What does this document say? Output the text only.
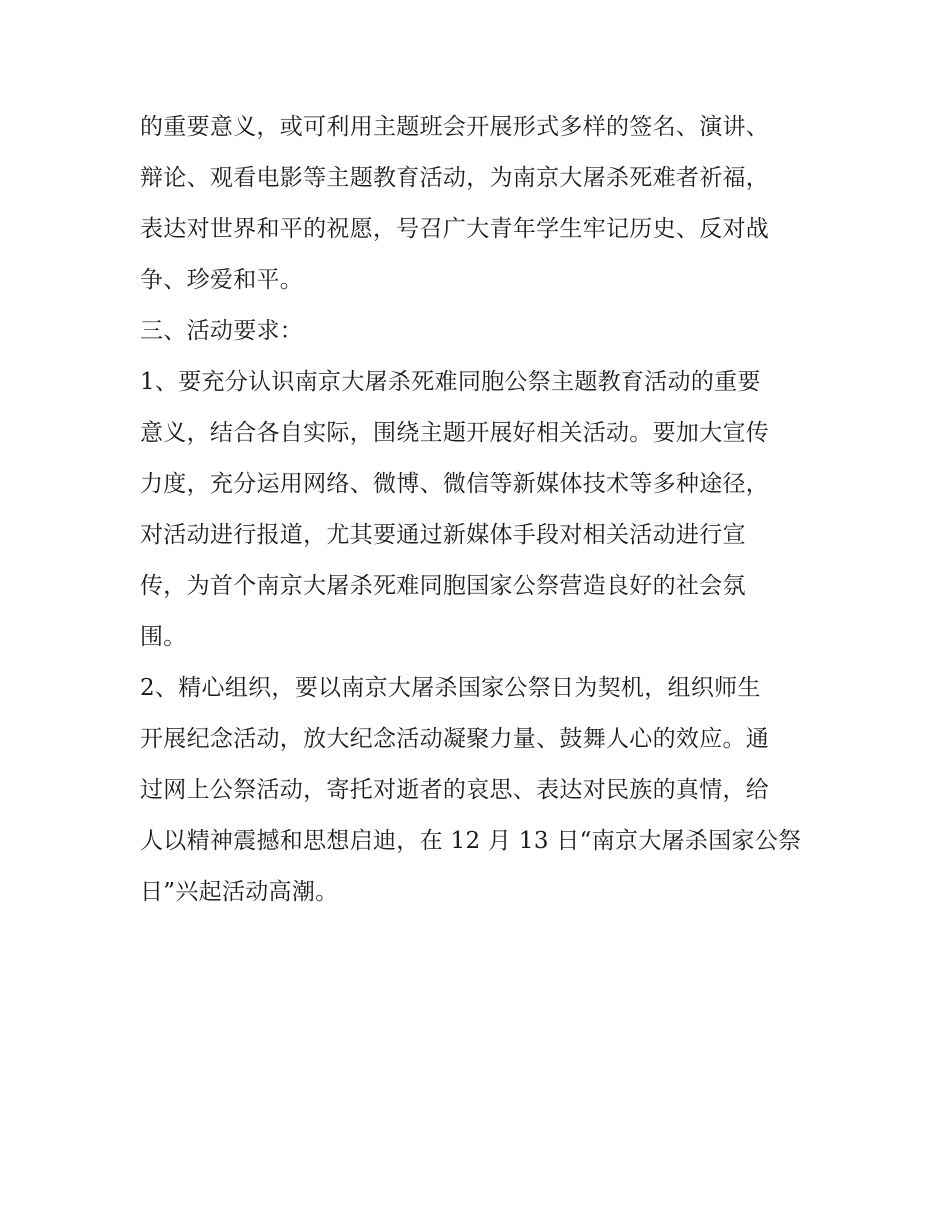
的重要意义，或可利用主题班会开展形式多样的签名、演讲、
辩论、观看电影等主题教育活动，为南京大屠杀死难者祈福，
表达对世界和平的祝愿，号召广大青年学生牢记历史、反对战
争、珍爱和平。
三、活动要求：
1、要充分认识南京大屠杀死难同胞公祭主题教育活动的重要
意义，结合各自实际，围绕主题开展好相关活动。要加大宣传
力度，充分运用网络、微博、微信等新媒体技术等多种途径，
对活动进行报道，尤其要通过新媒体手段对相关活动进行宣
传，为首个南京大屠杀死难同胞国家公祭营造良好的社会氛
围。
2、精心组织，要以南京大屠杀国家公祭日为契机，组织师生
开展纪念活动，放大纪念活动凝聚力量、鼓舞人心的效应。通
过网上公祭活动，寄托对逝者的哀思、表达对民族的真情，给
人以精神震撼和思想启迪，在 12 月 13 日“南京大屠杀国家公祭
日”兴起活动高潮。
